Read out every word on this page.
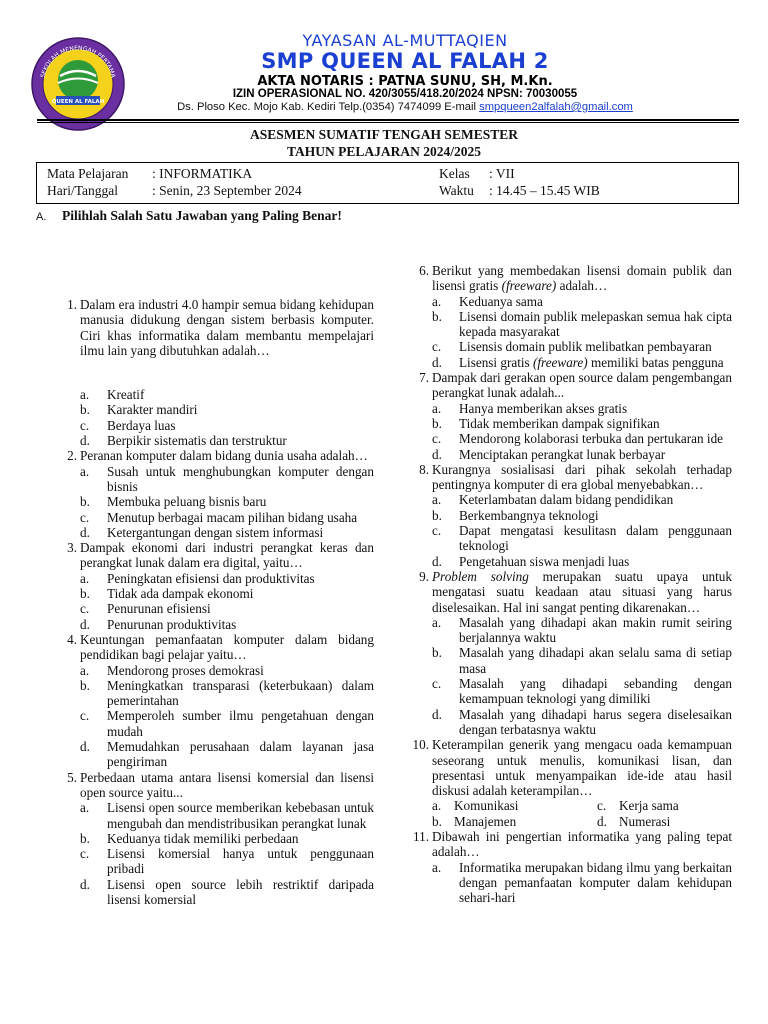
QUEEN AL FALAH
SEKOLAH MENENGAH PERTAMA
YAYASAN AL-MUTTAQIEN
SMP QUEEN AL FALAH 2
AKTA NOTARIS : PATNA SUNU, SH, M.Kn.
IZIN OPERASIONAL NO. 420/3055/418.20/2024 NPSN: 70030055
Ds. Ploso Kec. Mojo Kab. Kediri Telp.(0354) 7474099 E-mail smpqueen2alfalah@gmail.com
ASESMEN SUMATIF TENGAH SEMESTER
TAHUN PELAJARAN 2024/2025
Mata Pelajaran : INFORMATIKA
Hari/Tanggal	: Senin, 23 September 2024
Kelas : VII
Waktu : 14.45 – 15.45 WIB
A. Pilihlah Salah Satu Jawaban yang Paling Benar!
1. Dalam era industri 4.0 hampir semua bidang kehidupan manusia didukung dengan sistem berbasis komputer. Ciri khas informatika dalam membantu mempelajari ilmu lain yang dibutuhkan adalah…
a. Kreatif
b. Karakter mandiri
c. Berdaya luas
d. Berpikir sistematis dan terstruktur
2. Peranan komputer dalam bidang dunia usaha adalah…
a. Susah untuk menghubungkan komputer dengan bisnis
b. Membuka peluang bisnis baru
c. Menutup berbagai macam pilihan bidang usaha
d. Ketergantungan dengan sistem informasi
3. Dampak ekonomi dari industri perangkat keras dan perangkat lunak dalam era digital, yaitu…
a. Peningkatan efisiensi dan produktivitas
b. Tidak ada dampak ekonomi
c. Penurunan efisiensi
d. Penurunan produktivitas
4. Keuntungan pemanfaatan komputer dalam bidang pendidikan bagi pelajar yaitu…
a. Mendorong proses demokrasi
b. Meningkatkan transparasi (keterbukaan) dalam pemerintahan
c. Memperoleh sumber ilmu pengetahuan dengan mudah
d. Memudahkan perusahaan dalam layanan jasa pengiriman
5. Perbedaan utama antara lisensi komersial dan lisensi open source yaitu...
a. Lisensi open source memberikan kebebasan untuk mengubah dan mendistribusikan perangkat lunak
b. Keduanya tidak memiliki perbedaan
c. Lisensi komersial hanya untuk penggunaan pribadi
d. Lisensi open source lebih restriktif daripada lisensi komersial
6. Berikut yang membedakan lisensi domain publik dan lisensi gratis (freeware) adalah…
a. Keduanya sama
b. Lisensi domain publik melepaskan semua hak cipta kepada masyarakat
c. Lisensis domain publik melibatkan pembayaran
d. Lisensi gratis (freeware) memiliki batas pengguna
7. Dampak dari gerakan open source dalam pengembangan perangkat lunak adalah...
a. Hanya memberikan akses gratis
b. Tidak memberikan dampak signifikan
c. Mendorong kolaborasi terbuka dan pertukaran ide
d. Menciptakan perangkat lunak berbayar
8. Kurangnya sosialisasi dari pihak sekolah terhadap pentingnya komputer di era global menyebabkan…
a. Keterlambatan dalam bidang pendidikan
b. Berkembangnya teknologi
c. Dapat mengatasi kesulitasn dalam penggunaan teknologi
d. Pengetahuan siswa menjadi luas
9. Problem solving merupakan suatu upaya untuk mengatasi suatu keadaan atau situasi yang harus diselesaikan. Hal ini sangat penting dikarenakan…
a. Masalah yang dihadapi akan makin rumit seiring berjalannya waktu
b. Masalah yang dihadapi akan selalu sama di setiap masa
c. Masalah yang dihadapi sebanding dengan kemampuan teknologi yang dimiliki
d. Masalah yang dihadapi harus segera diselesaikan dengan terbatasnya waktu
10. Keterampilan generik yang mengacu oada kemampuan seseorang untuk menulis, komunikasi lisan, dan presentasi untuk menyampaikan ide-ide atau hasil diskusi adalah keterampilan…
a. Komunikasi	c. Kerja sama
b. Manajemen	d. Numerasi
11. Dibawah ini pengertian informatika yang paling tepat adalah…
a. Informatika merupakan bidang ilmu yang berkaitan dengan pemanfaatan komputer dalam kehidupan sehari-hari
